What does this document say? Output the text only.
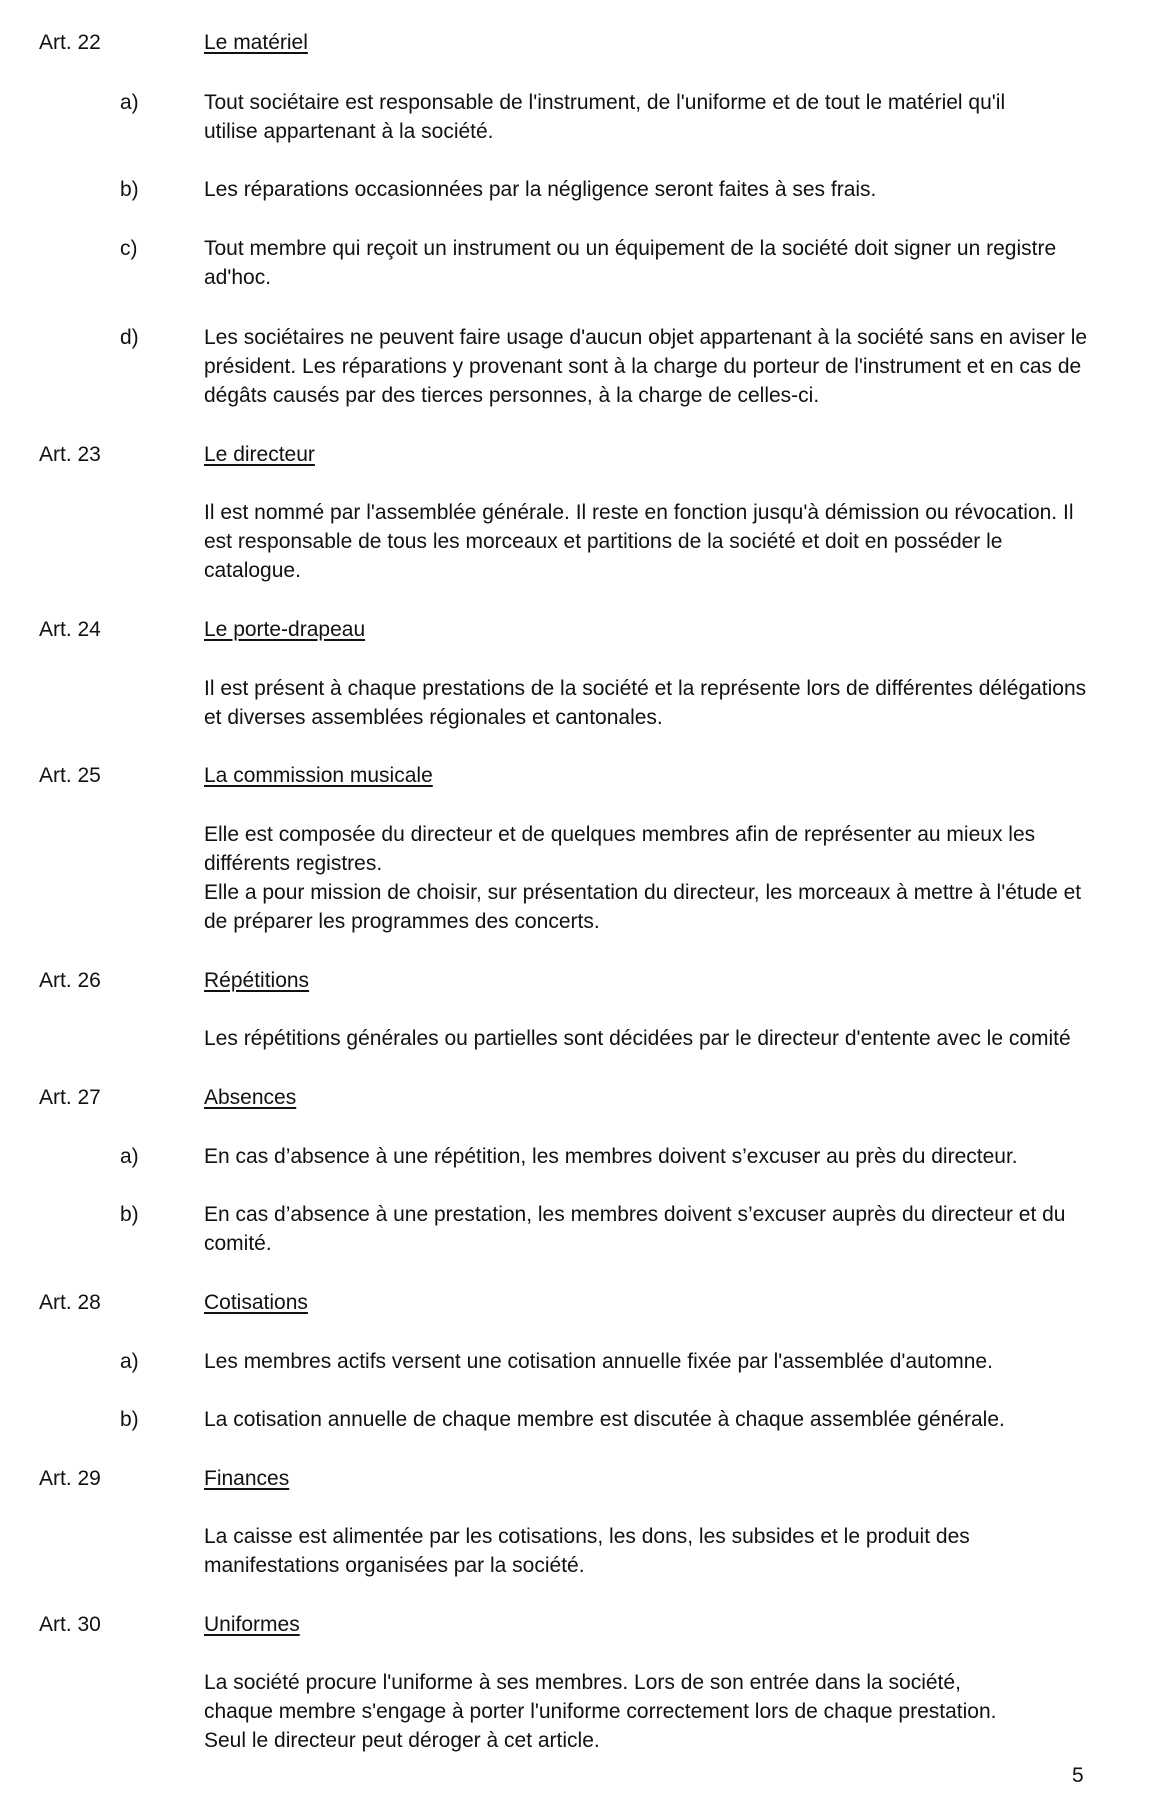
Art. 22	Le matériel
a)	Tout sociétaire est responsable de l'instrument, de l'uniforme et de tout le matériel qu'il
utilise appartenant à la société.
b)	Les réparations occasionnées par la négligence seront faites à ses frais.
c)	Tout membre qui reçoit un instrument ou un équipement de la société doit signer un registre
ad'hoc.
d)	Les sociétaires ne peuvent faire usage d'aucun objet appartenant à la société sans en aviser le
président. Les réparations y provenant sont à la charge du porteur de l'instrument et en cas de
dégâts causés par des tierces personnes, à la charge de celles-ci.
Art. 23	Le directeur
Il est nommé par l'assemblée générale. Il reste en fonction jusqu'à démission ou révocation. Il
est responsable de tous les morceaux et partitions de la société et doit en posséder le
catalogue.
Art. 24	Le porte-drapeau
Il est présent à chaque prestations de la société et la représente lors de différentes délégations
et diverses assemblées régionales et cantonales.
Art. 25	La commission musicale
Elle est composée du directeur et de quelques membres afin de représenter au mieux les
différents registres.
Elle a pour mission de choisir, sur présentation du directeur, les morceaux à mettre à l'étude et
de préparer les programmes des concerts.
Art. 26	Répétitions
Les répétitions générales ou partielles sont décidées par le directeur d'entente avec le comité
Art. 27	Absences
a)	En cas d’absence à une répétition, les membres doivent s’excuser au près du directeur.
b)	En cas d’absence à une prestation, les membres doivent s’excuser auprès du directeur et du
comité.
Art. 28	Cotisations
a)	Les membres actifs versent une cotisation annuelle fixée par l'assemblée d'automne.
b)	La cotisation annuelle de chaque membre est discutée à chaque assemblée générale.
Art. 29	Finances
La caisse est alimentée par les cotisations, les dons, les subsides et le produit des
manifestations organisées par la société.
Art. 30	Uniformes
La société procure l'uniforme à ses membres. Lors de son entrée dans la société,
chaque membre s'engage à porter l'uniforme correctement lors de chaque prestation.
Seul le directeur peut déroger à cet article.
5
